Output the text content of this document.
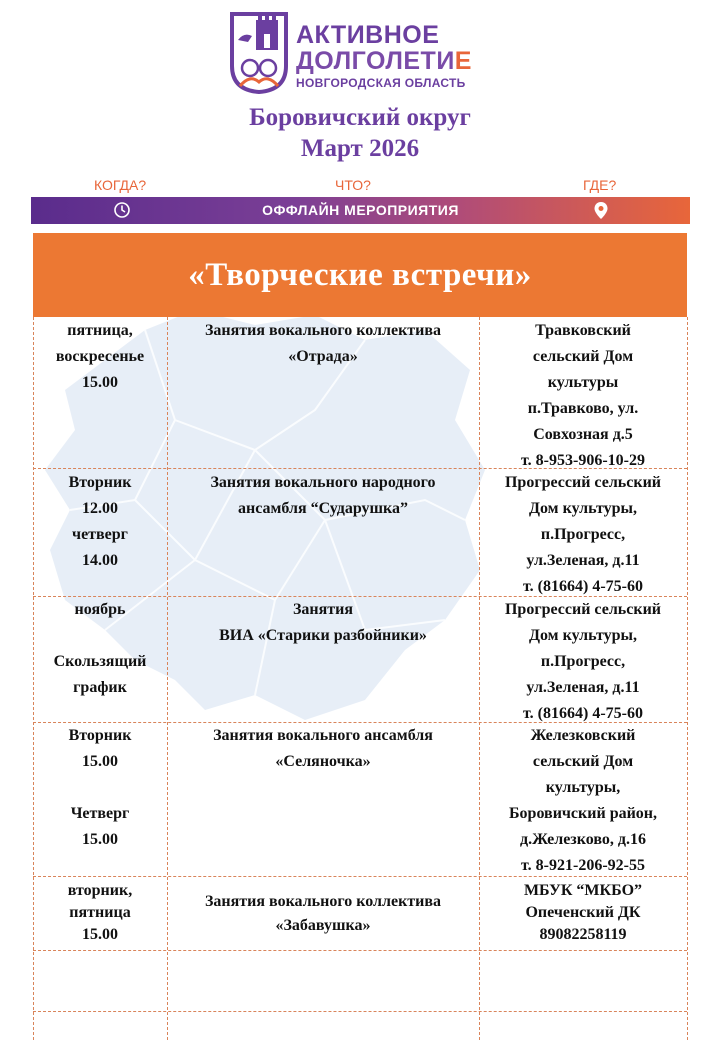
АКТИВНОЕ
ДОЛГОЛЕТИЕ
НОВГОРОДСКАЯ ОБЛАСТЬ
Боровичский округ
Март 2026
КОГДА?	ЧТО?	ГДЕ?
ОФФЛАЙН МЕРОПРИЯТИЯ
«Творческие встречи»
пятница,
воскресенье
15.00
Занятия вокального коллектива
«Отрада»
Травковский
сельский Дом
культуры
п.Травково, ул.
Совхозная д.5
т. 8-953-906-10-29
Вторник
12.00
четверг
14.00
Занятия вокального народного
ансамбля “Сударушка”
Прогрессий сельский
Дом культуры,
п.Прогресс,
ул.Зеленая, д.11
т. (81664) 4-75-60
ноябрь

Скользящий
график
Занятия
ВИА «Старики разбойники»
Прогрессий сельский
Дом культуры,
п.Прогресс,
ул.Зеленая, д.11
т. (81664) 4-75-60
Вторник
15.00

Четверг
15.00
Занятия вокального ансамбля
«Селяночка»
Железковский
сельский Дом
культуры,
Боровичский район,
д.Железково, д.16
т. 8-921-206-92-55
вторник,
пятница
15.00
Занятия вокального коллектива
«Забавушка»
МБУК “МКБО”
Опеченский ДК
89082258119
